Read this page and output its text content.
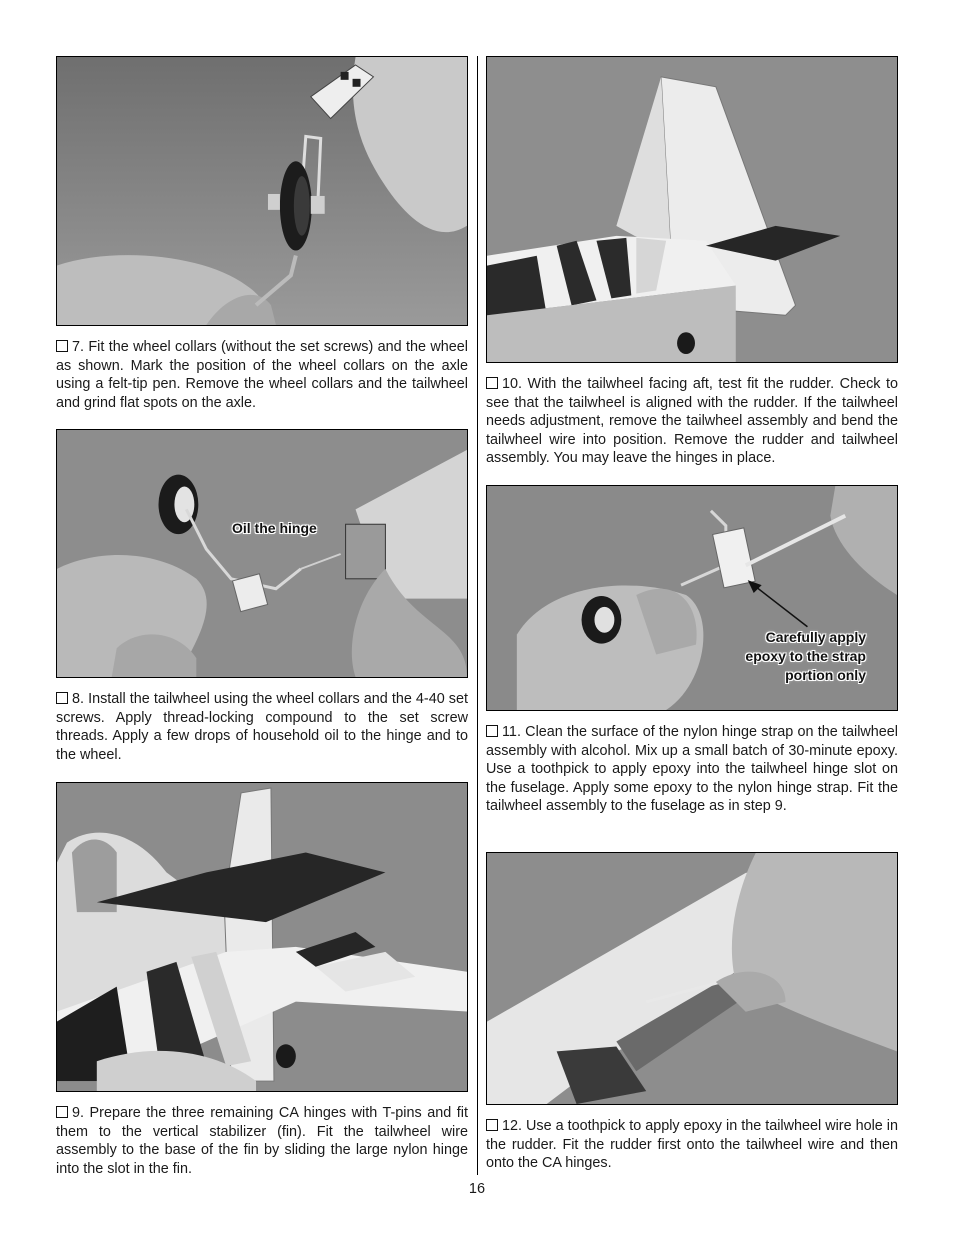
7. Fit the wheel collars (without the set screws) and the wheel as shown. Mark the position of the wheel collars on the axle using a felt-tip pen. Remove the wheel collars and the tailwheel and grind flat spots on the axle.

Oil the hinge

8. Install the tailwheel using the wheel collars and the 4-40 set screws. Apply thread-locking compound to the set screw threads. Apply a few drops of household oil to the hinge and to the wheel.

9. Prepare the three remaining CA hinges with T-pins and fit them to the vertical stabilizer (fin). Fit the tailwheel wire assembly to the base of the fin by sliding the large nylon hinge into the slot in the fin.

10. With the tailwheel facing aft, test fit the rudder. Check to see that the tailwheel is aligned with the rudder. If the tailwheel needs adjustment, remove the tailwheel assembly and bend the tailwheel wire into position. Remove the rudder and tailwheel assembly. You may leave the hinges in place.

Carefully apply
epoxy to the strap
portion only

11. Clean the surface of the nylon hinge strap on the tailwheel assembly with alcohol. Mix up a small batch of 30-minute epoxy. Use a toothpick to apply epoxy into the tailwheel hinge slot on the fuselage. Apply some epoxy to the nylon hinge strap. Fit the tailwheel assembly to the fuselage as in step 9.

12. Use a toothpick to apply epoxy in the tailwheel wire hole in the rudder. Fit the rudder first onto the tailwheel wire and then onto the CA hinges.

16
